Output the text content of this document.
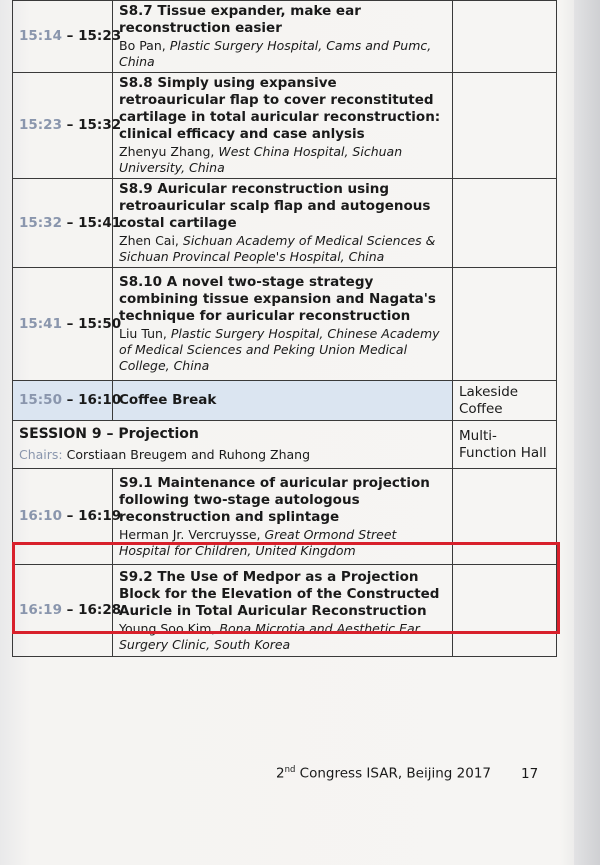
15:14 – 15:23	S8.7 Tissue expander, make ear reconstruction easier
Bo Pan, Plastic Surgery Hospital, Cams and Pumc, China	

15:23 – 15:32	S8.8 Simply using expansive retroauricular flap to cover reconstituted cartilage in total auricular reconstruction: clinical efficacy and case anlysis
Zhenyu Zhang, West China Hospital, Sichuan University, China	

15:32 – 15:41	S8.9 Auricular reconstruction using retroauricular scalp flap and autogenous costal cartilage
Zhen Cai, Sichuan Academy of Medical Sciences & Sichuan Provincal People's Hospital, China	

15:41 – 15:50	S8.10 A novel two-stage strategy combining tissue expansion and Nagata's technique for auricular reconstruction
Liu Tun, Plastic Surgery Hospital, Chinese Academy of Medical Sciences and Peking Union Medical College, China	

15:50 – 16:10	Coffee Break	Lakeside Coffee

SESSION 9 – Projection
Chairs: Corstiaan Breugem and Ruhong Zhang		Multi-Function Hall
16:10 – 16:19	S9.1 Maintenance of auricular projection following two-stage autologous reconstruction and splintage
Herman Jr. Vercruysse, Great Ormond Street Hospital for Children, United Kingdom	

16:19 – 16:28	S9.2 The Use of Medpor as a Projection Block for the Elevation of the Constructed Auricle in Total Auricular Reconstruction
Young Soo Kim, Bona Microtia and Aesthetic Ear Surgery Clinic, South Korea	

2nd Congress ISAR, Beijing 2017 17
